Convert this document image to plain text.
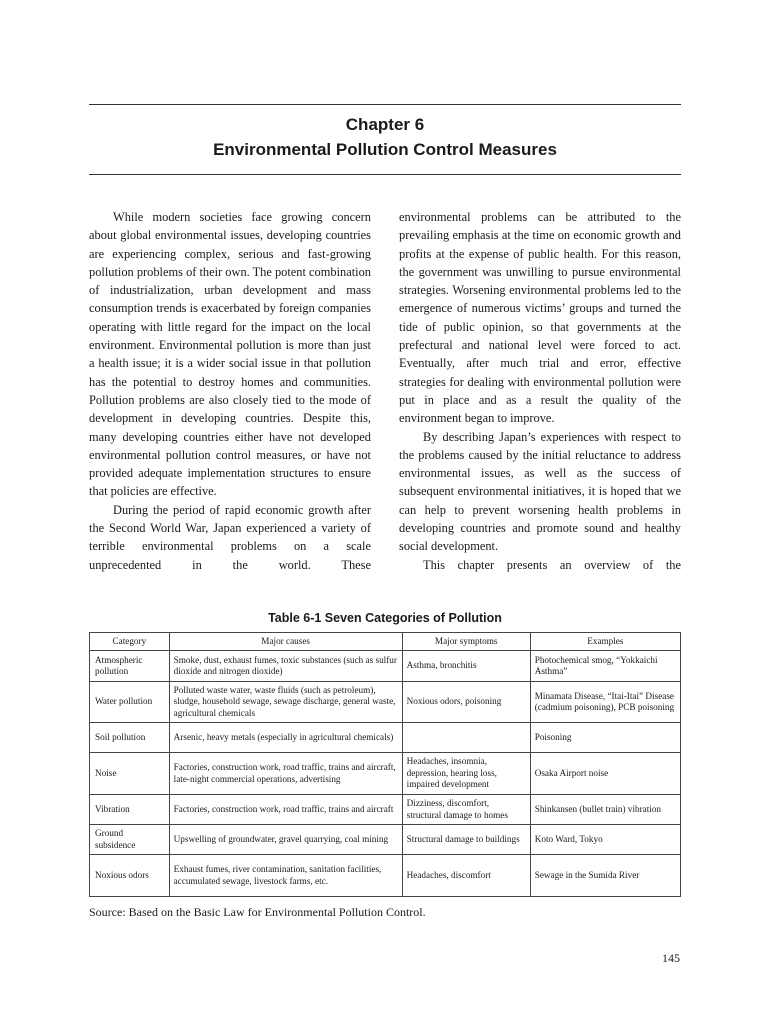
Chapter 6
Environmental Pollution Control Measures

While modern societies face growing concern about global environmental issues, developing countries are experiencing complex, serious and fast-growing pollution problems of their own. The potent combination of industrialization, urban development and mass consumption trends is exacerbated by foreign companies operating with little regard for the impact on the local environment. Environmental pollution is more than just a health issue; it is a wider social issue in that pollution has the potential to destroy homes and communities. Pollution problems are also closely tied to the mode of development in developing countries. Despite this, many developing countries either have not developed environmental pollution control measures, or have not provided adequate implementation structures to ensure that policies are effective.

During the period of rapid economic growth after the Second World War, Japan experienced a variety of terrible environmental problems on a scale unprecedented in the world. These

environmental problems can be attributed to the prevailing emphasis at the time on economic growth and profits at the expense of public health. For this reason, the government was unwilling to pursue environmental strategies. Worsening environmental problems led to the emergence of numerous victims’ groups and turned the tide of public opinion, so that governments at the prefectural and national level were forced to act. Eventually, after much trial and error, effective strategies for dealing with environmental pollution were put in place and as a result the quality of the environment began to improve.

By describing Japan’s experiences with respect to the problems caused by the initial reluctance to address environmental issues, as well as the success of subsequent environmental initiatives, it is hoped that we can help to prevent worsening health problems in developing countries and promote sound and healthy social development.

This chapter presents an overview of the

Table 6-1 Seven Categories of Pollution
Category	Major causes	Major symptoms	Examples
Atmospheric pollution	Smoke, dust, exhaust fumes, toxic substances (such as sulfur dioxide and nitrogen dioxide)	Asthma, bronchitis	Photochemical smog, “Yokkaichi Asthma”
Water pollution	Polluted waste water, waste fluids (such as petroleum), sludge, household sewage, sewage discharge, general waste, agricultural chemicals	Noxious odors, poisoning	Minamata Disease, “Itai-Itai” Disease (cadmium poisoning), PCB poisoning
Soil pollution	Arsenic, heavy metals (especially in agricultural chemicals)		Poisoning
Noise	Factories, construction work, road traffic, trains and aircraft, late-night commercial operations, advertising	Headaches, insomnia, depression, hearing loss, impaired development	Osaka Airport noise
Vibration	Factories, construction work, road traffic, trains and aircraft	Dizziness, discomfort, structural damage to homes	Shinkansen (bullet train) vibration
Ground subsidence	Upswelling of groundwater, gravel quarrying, coal mining	Structural damage to buildings	Koto Ward, Tokyo
Noxious odors	Exhaust fumes, river contamination, sanitation facilities, accumulated sewage, livestock farms, etc.	Headaches, discomfort	Sewage in the Sumida River
Source: Based on the Basic Law for Environmental Pollution Control.
145
